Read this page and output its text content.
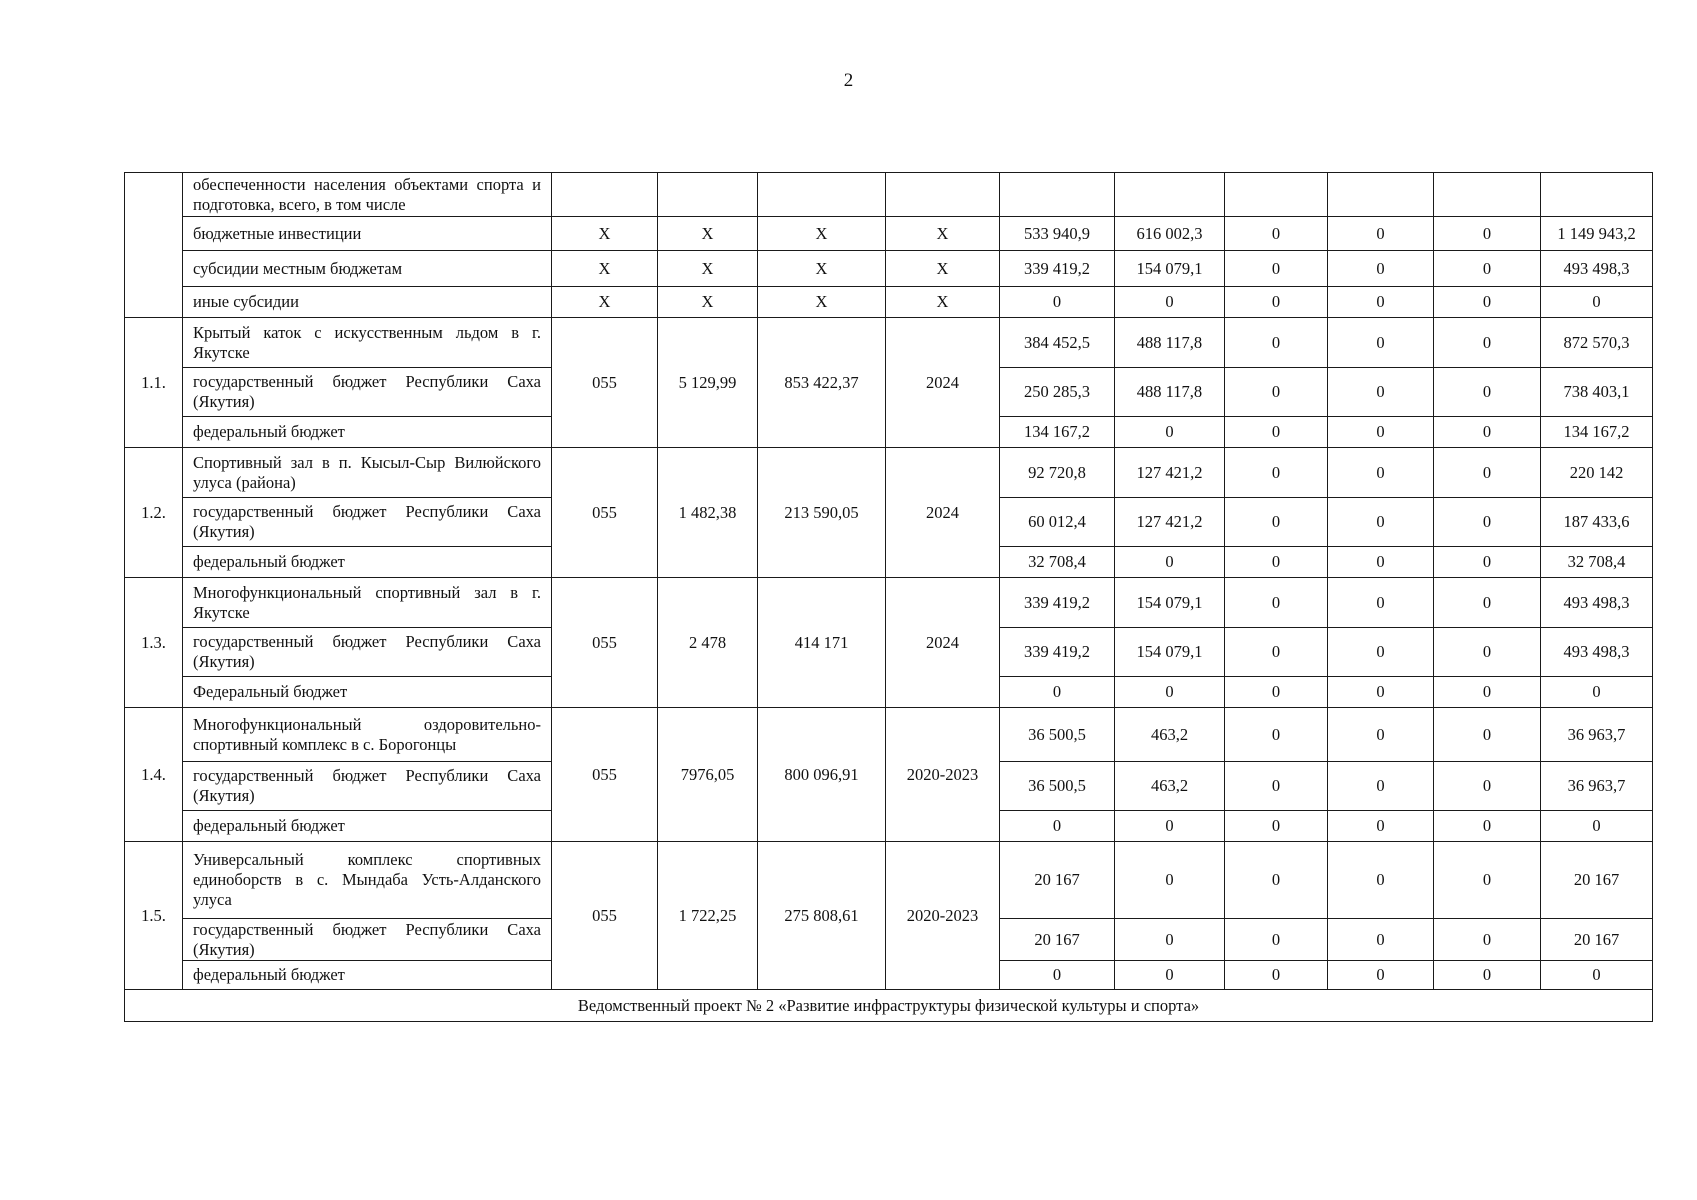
2
	обеспеченности населения объектами спорта и подготовка, всего, в том числе										
	бюджетные инвестиции	X	X	X	X	533 940,9	616 002,3	0	0	0	1 149 943,2
	субсидии местным бюджетам	X	X	X	X	339 419,2	154 079,1	0	0	0	493 498,3
	иные субсидии	X	X	X	X	0	0	0	0	0	0
1.1.	Крытый каток с искусственным льдом в г. Якутске	055	5 129,99	853 422,37	2024	384 452,5	488 117,8	0	0	0	872 570,3
	государственный бюджет Республики Саха (Якутия)					250 285,3	488 117,8	0	0	0	738 403,1
	федеральный бюджет					134 167,2	0	0	0	0	134 167,2
1.2.	Спортивный зал в п. Кысыл-Сыр Вилюйского улуса (района)	055	1 482,38	213 590,05	2024	92 720,8	127 421,2	0	0	0	220 142
	государственный бюджет Республики Саха (Якутия)					60 012,4	127 421,2	0	0	0	187 433,6
	федеральный бюджет					32 708,4	0	0	0	0	32 708,4
1.3.	Многофункциональный спортивный зал в г. Якутске	055	2 478	414 171	2024	339 419,2	154 079,1	0	0	0	493 498,3
	государственный бюджет Республики Саха (Якутия)					339 419,2	154 079,1	0	0	0	493 498,3
	Федеральный бюджет					0	0	0	0	0	0
1.4.	Многофункциональный оздоровительно-спортивный комплекс в с. Борогонцы	055	7976,05	800 096,91	2020-2023	36 500,5	463,2	0	0	0	36 963,7
	государственный бюджет Республики Саха (Якутия)					36 500,5	463,2	0	0	0	36 963,7
	федеральный бюджет					0	0	0	0	0	0
1.5.	Универсальный комплекс спортивных единоборств в с. Мындаба Усть-Алданского улуса	055	1 722,25	275 808,61	2020-2023	20 167	0	0	0	0	20 167
	государственный бюджет Республики Саха (Якутия)					20 167	0	0	0	0	20 167
	федеральный бюджет					0	0	0	0	0	0
Ведомственный проект № 2 «Развитие инфраструктуры физической культуры и спорта»											
